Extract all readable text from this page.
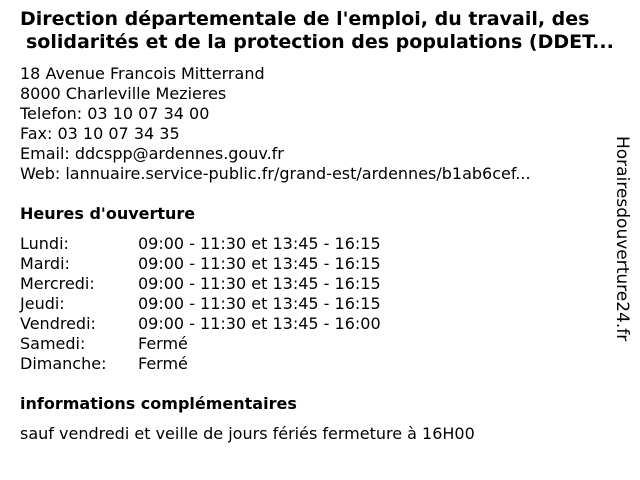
Direction départementale de l'emploi, du travail, des
solidarités et de la protection des populations (DDET...
18 Avenue Francois Mitterrand
8000 Charleville Mezieres
Telefon: 03 10 07 34 00
Fax: 03 10 07 34 35
Email: ddcspp@ardennes.gouv.fr
Web: lannuaire.service-public.fr/grand-est/ardennes/b1ab6cef...
Heures d'ouverture
Lundi:	09:00 - 11:30 et 13:45 - 16:15
Mardi:	09:00 - 11:30 et 13:45 - 16:15
Mercredi:	09:00 - 11:30 et 13:45 - 16:15
Jeudi:	09:00 - 11:30 et 13:45 - 16:15
Vendredi:	09:00 - 11:30 et 13:45 - 16:00
Samedi:	Fermé
Dimanche:	Fermé
informations complémentaires
sauf vendredi et veille de jours fériés fermeture à 16H00
Horairesdouverture24.fr
